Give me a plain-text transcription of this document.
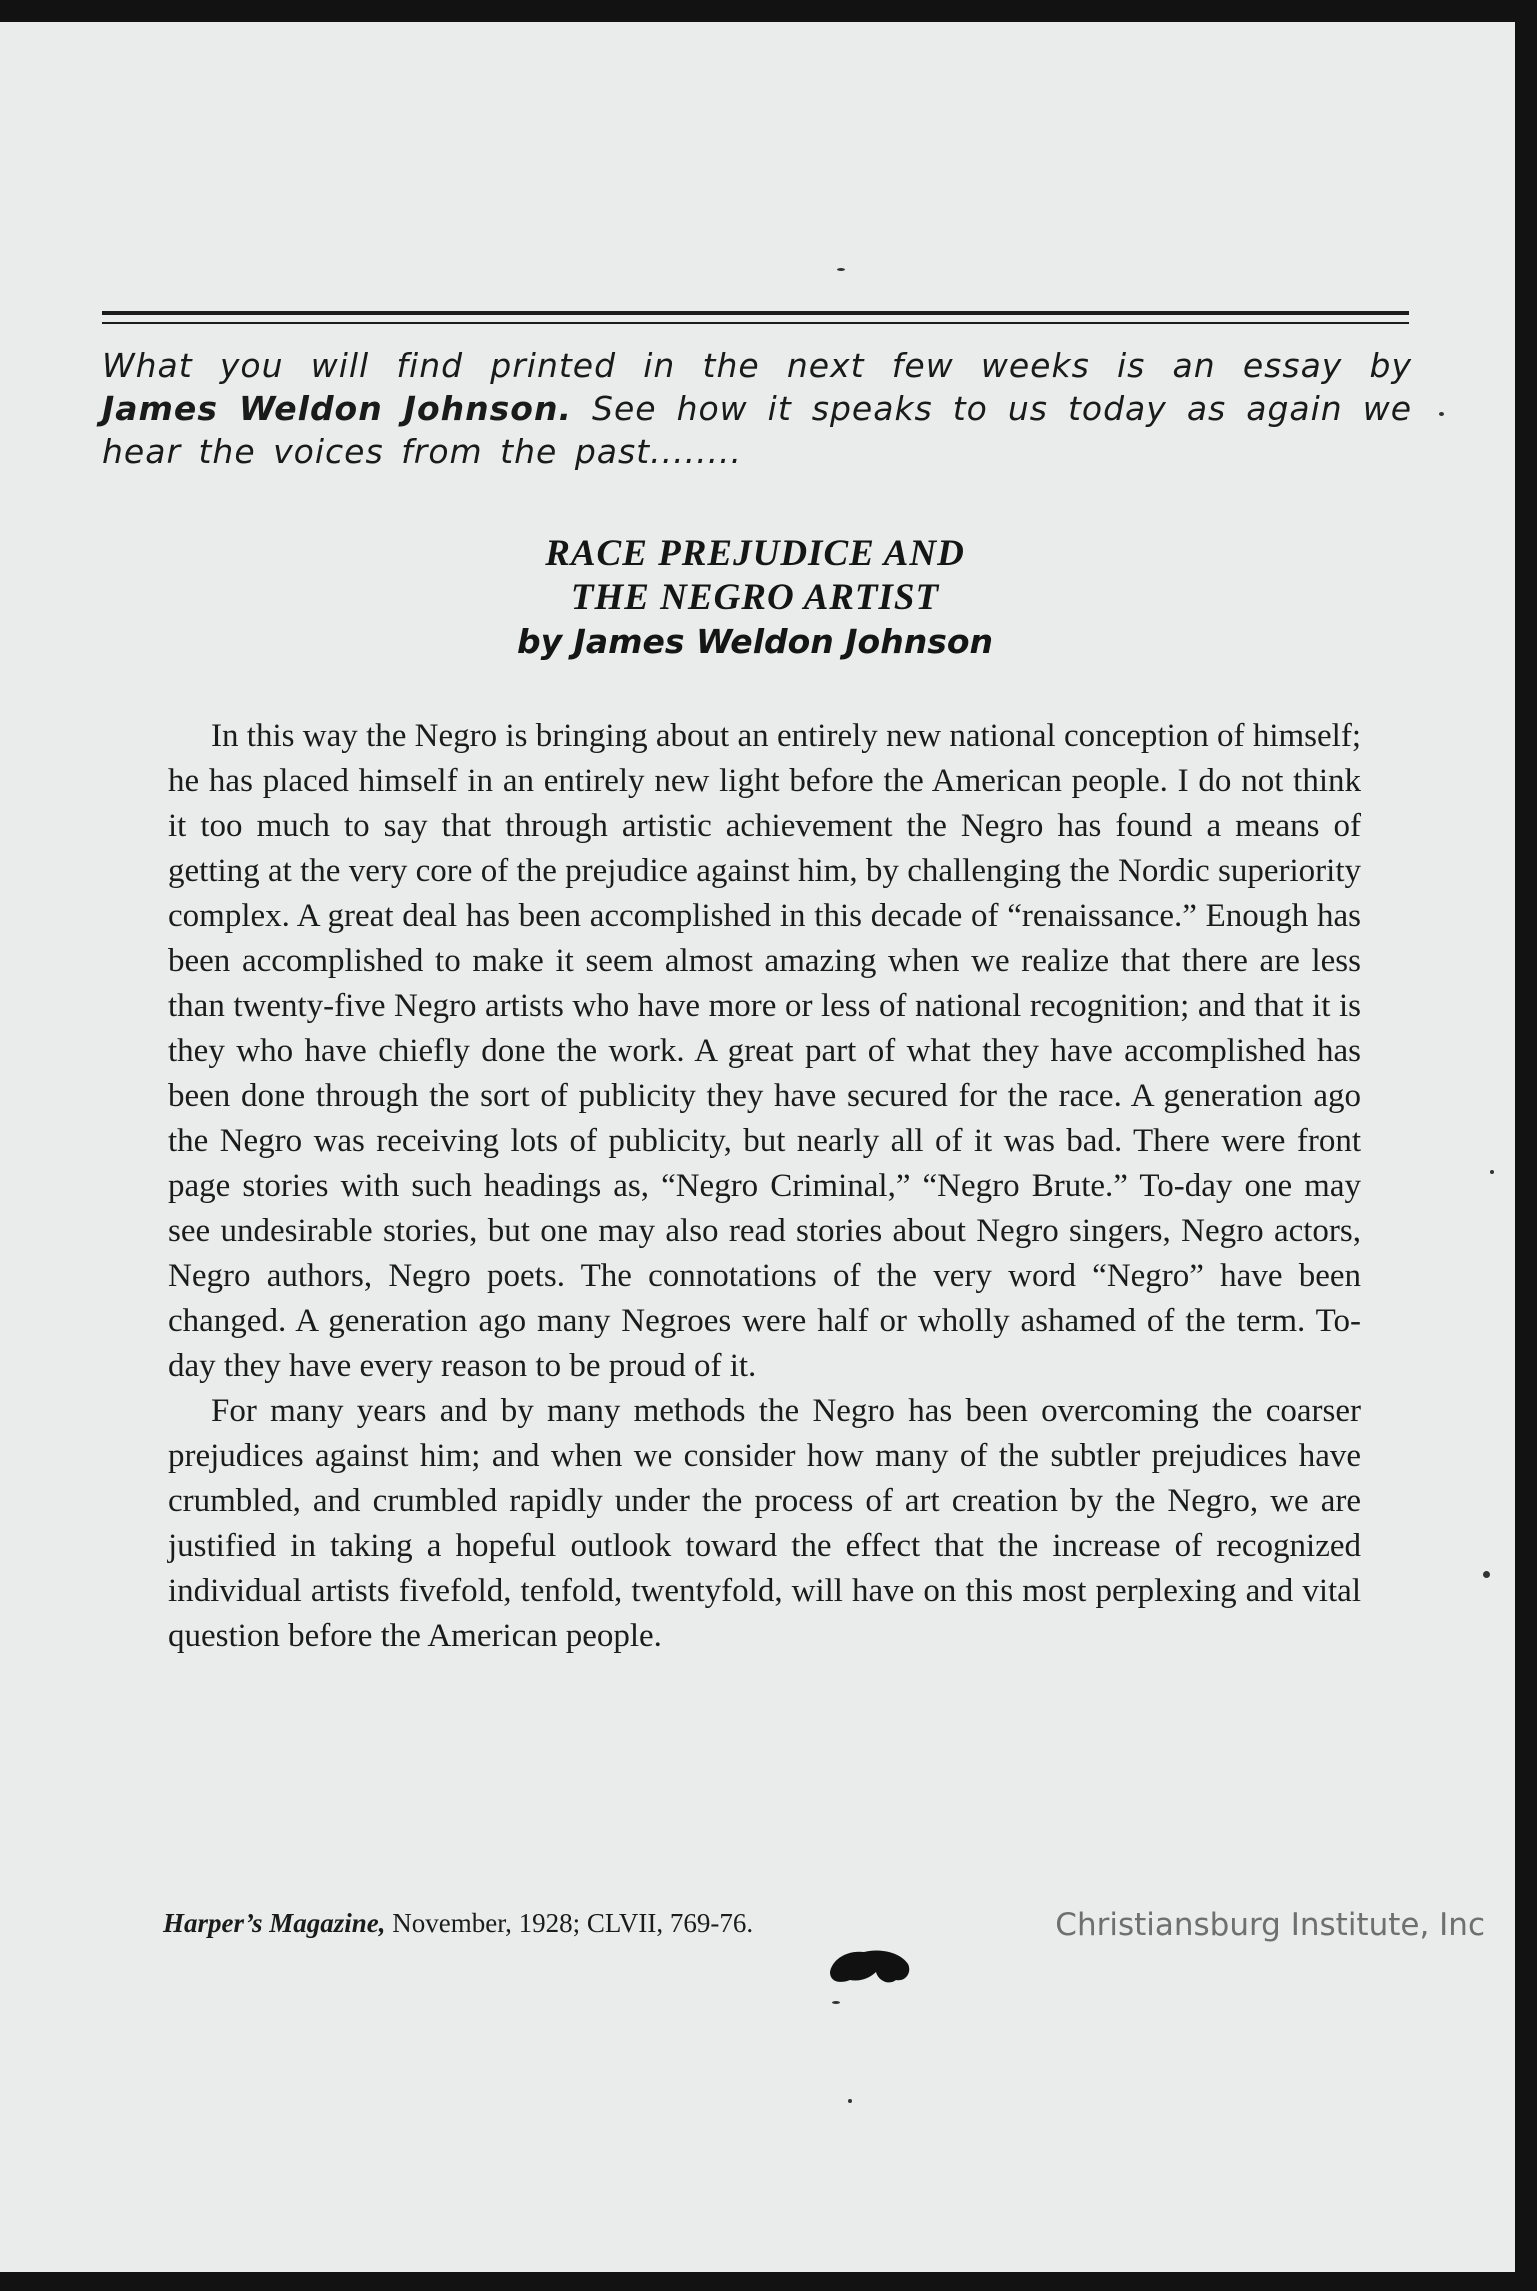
What you will find printed in the next few weeks is an essay by James Weldon Johnson. See how it speaks to us today as again we hear the voices from the past........
RACE PREJUDICE AND
THE NEGRO ARTIST
by James Weldon Johnson

In this way the Negro is bringing about an entirely new national conception of himself; he has placed himself in an entirely new light before the American people. I do not think it too much to say that through artistic achievement the Negro has found a means of getting at the very core of the prejudice against him, by challenging the Nordic superiority complex. A great deal has been accomplished in this decade of “renaissance.” Enough has been accomplished to make it seem almost amazing when we realize that there are less than twenty-five Negro artists who have more or less of national recognition; and that it is they who have chiefly done the work. A great part of what they have accomplished has been done through the sort of publicity they have secured for the race. A generation ago the Negro was receiving lots of publicity, but nearly all of it was bad. There were front page stories with such headings as, “Negro Criminal,” “Negro Brute.” To-day one may see undesirable stories, but one may also read stories about Negro singers, Negro actors, Negro authors, Negro poets. The connotations of the very word “Negro” have been changed. A generation ago many Negroes were half or wholly ashamed of the term. To-day they have every reason to be proud of it.

For many years and by many methods the Negro has been overcoming the coarser prejudices against him; and when we consider how many of the subtler prejudices have crumbled, and crumbled rapidly under the process of art creation by the Negro, we are justified in taking a hopeful outlook toward the effect that the increase of recognized individual artists fivefold, tenfold, twentyfold, will have on this most perplexing and vital question before the American people.

Harper’s Magazine, November, 1928; CLVII, 769-76.	Christiansburg Institute, Inc
